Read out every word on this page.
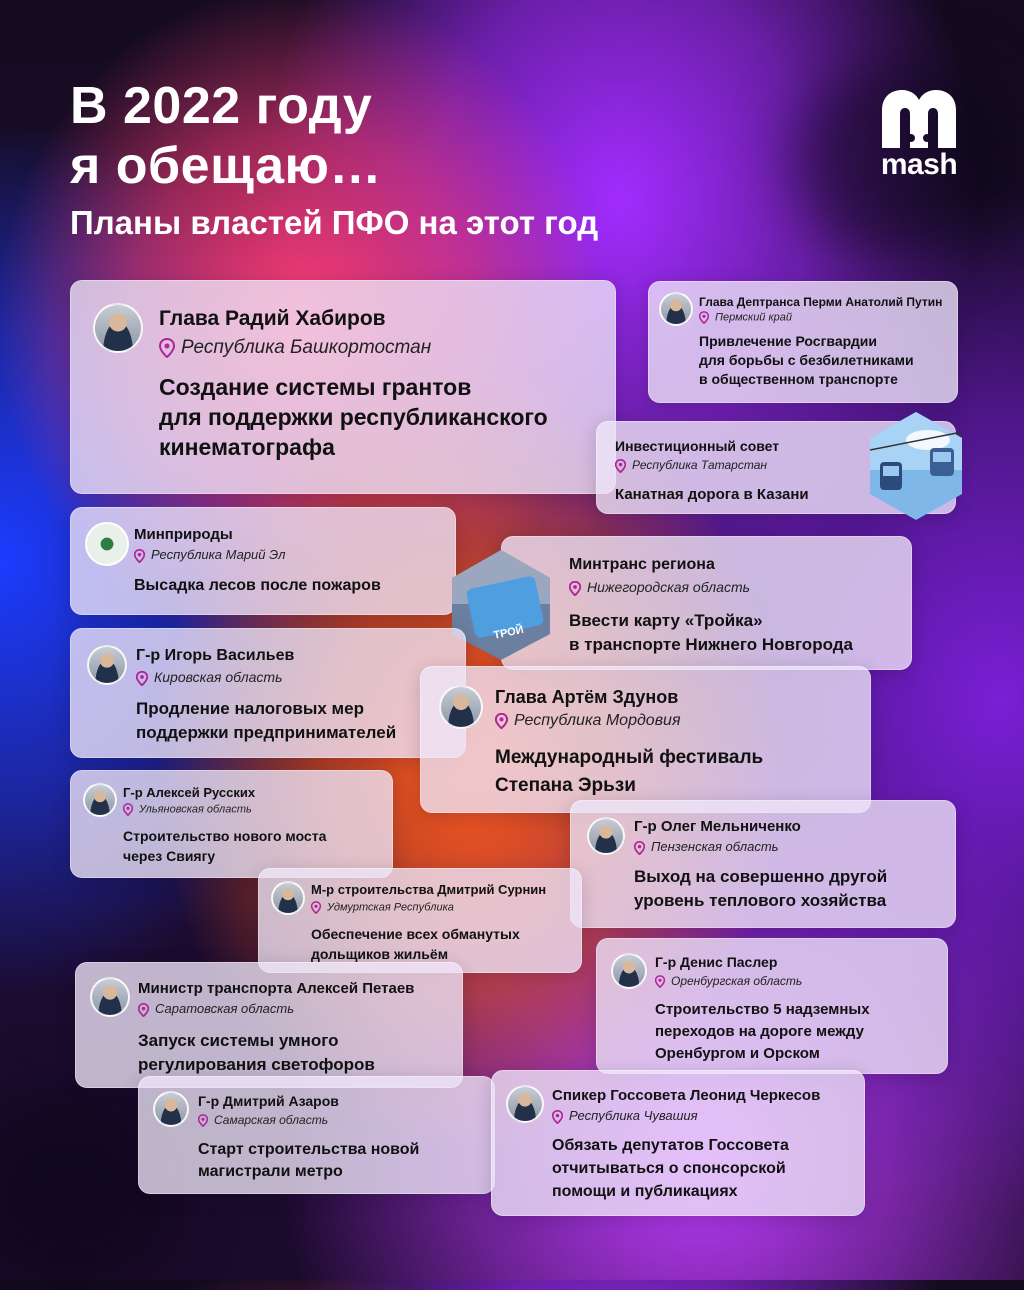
В 2022 году
я обещаю…
Планы властей ПФО на этот год
mash
Глава Радий Хабиров
Республика Башкортостан
Создание системы грантов
для поддержки республиканского
кинематографа
Глава Дептранса Перми Анатолий Путин
Пермский край
Привлечение Росгвардии
для борьбы с безбилетниками
в общественном транспорте
Инвестиционный совет
Республика Татарстан
Канатная дорога в Казани
Минприроды
Республика Марий Эл
Высадка лесов после пожаров
Минтранс региона
Нижегородская область
Ввести карту «Тройка»
в транспорте Нижнего Новгорода
ТРОЙ
Г-р Игорь Васильев
Кировская область
Продление налоговых мер
поддержки предпринимателей
Глава Артём Здунов
Республика Мордовия
Международный фестиваль
Степана Эрьзи
Г-р Алексей Русских
Ульяновская область
Строительство нового моста
через Свиягу
Г-р Олег Мельниченко
Пензенская область
Выход на совершенно другой
уровень теплового хозяйства
М-р строительства Дмитрий Сурнин
Удмуртская Республика
Обеспечение всех обманутых
дольщиков жильём	Г-р Денис Паслер
Оренбургская область
Строительство 5 надземных
переходов на дороге между
Оренбургом и Орском
Министр транспорта Алексей Петаев
Саратовская область
Запуск системы умного
регулирования светофоров
Г-р Дмитрий Азаров
Самарская область
Старт строительства новой
магистрали метро
Спикер Госсовета Леонид Черкесов
Республика Чувашия
Обязать депутатов Госсовета
отчитываться о спонсорской
помощи и публикациях
